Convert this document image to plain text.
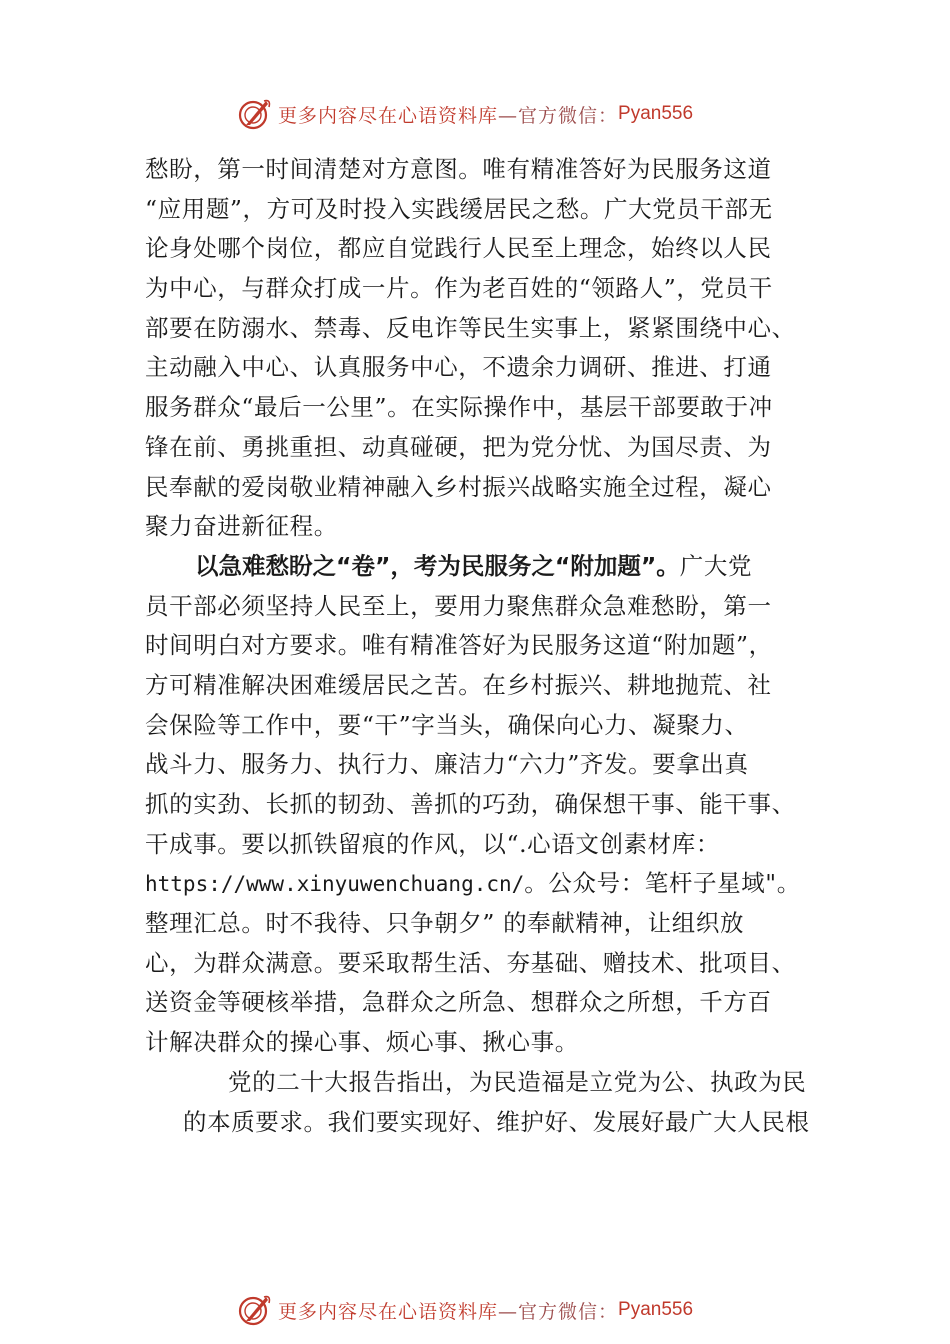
更多内容尽在心语资料库 —官方微信： Pyan556
愁盼，第一时间清楚对方意图。唯有精准答好为民服务这道
“应用题”，方可及时投入实践缓居民之愁。广大党员干部无
论身处哪个岗位，都应自觉践行人民至上理念，始终以人民
为中心，与群众打成一片。作为老百姓的“领路人”，党员干
部要在防溺水、禁毒、反电诈等民生实事上，紧紧围绕中心、
主动融入中心、认真服务中心，不遗余力调研、推进、打通
服务群众“最后一公里”。在实际操作中，基层干部要敢于冲
锋在前、勇挑重担、动真碰硬，把为党分忧、为国尽责、为
民奉献的爱岗敬业精神融入乡村振兴战略实施全过程，凝心
聚力奋进新征程。
以急难愁盼之“卷”，考为民服务之“附加题”。广大党
员干部必须坚持人民至上，要用力聚焦群众急难愁盼，第一
时间明白对方要求。唯有精准答好为民服务这道“附加题”，
方可精准解决困难缓居民之苦。在乡村振兴、耕地抛荒、社
会保险等工作中，要“干”字当头，确保向心力、凝聚力、
战斗力、服务力、执行力、廉洁力“六力”齐发。要拿出真
抓的实劲、长抓的韧劲、善抓的巧劲，确保想干事、能干事、
干成事。要以抓铁留痕的作风，以“.心语文创素材库：
https://www.xinyuwenchuang.cn/。公众号：笔杆子星域"。
整理汇总。时不我待、只争朝夕” 的奉献精神，让组织放
心，为群众满意。要采取帮生活、夯基础、赠技术、批项目、
送资金等硬核举措，急群众之所急、想群众之所想，千方百
计解决群众的操心事、烦心事、揪心事。
党的二十大报告指出，为民造福是立党为公、执政为民
的本质要求。我们要实现好、维护好、发展好最广大人民根
更多内容尽在心语资料库 —官方微信： Pyan556
